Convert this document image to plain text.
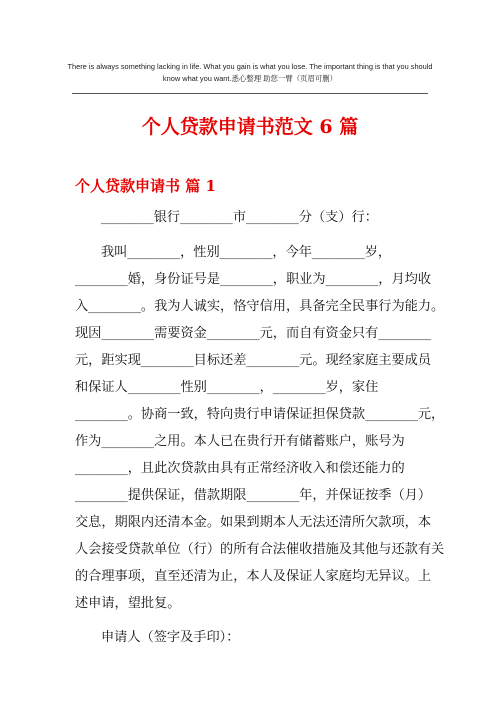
There is always something lacking in life. What you gain is what you lose. The important thing is that you should
know what you want.悉心整理 助您一臂（页眉可删）
个人贷款申请书范文 6 篇
个人贷款申请书 篇 1
________银行________市________分（支）行：
我叫________，性别________，今年________岁，
________婚，身份证号是________，职业为________，月均收
入________。我为人诚实，恪守信用，具备完全民事行为能力。
现因________需要资金________元，而自有资金只有________
元，距实现________目标还差________元。现经家庭主要成员
和保证人________性别________，________岁，家住
________。协商一致，特向贵行申请保证担保贷款________元，
作为________之用。本人已在贵行开有储蓄账户，账号为
________，且此次贷款由具有正常经济收入和偿还能力的
________提供保证，借款期限________年，并保证按季（月）
交息，期限内还清本金。如果到期本人无法还清所欠款项，本
人会接受贷款单位（行）的所有合法催收措施及其他与还款有关
的合理事项，直至还清为止，本人及保证人家庭均无异议。上
述申请，望批复。
申请人（签字及手印）：
